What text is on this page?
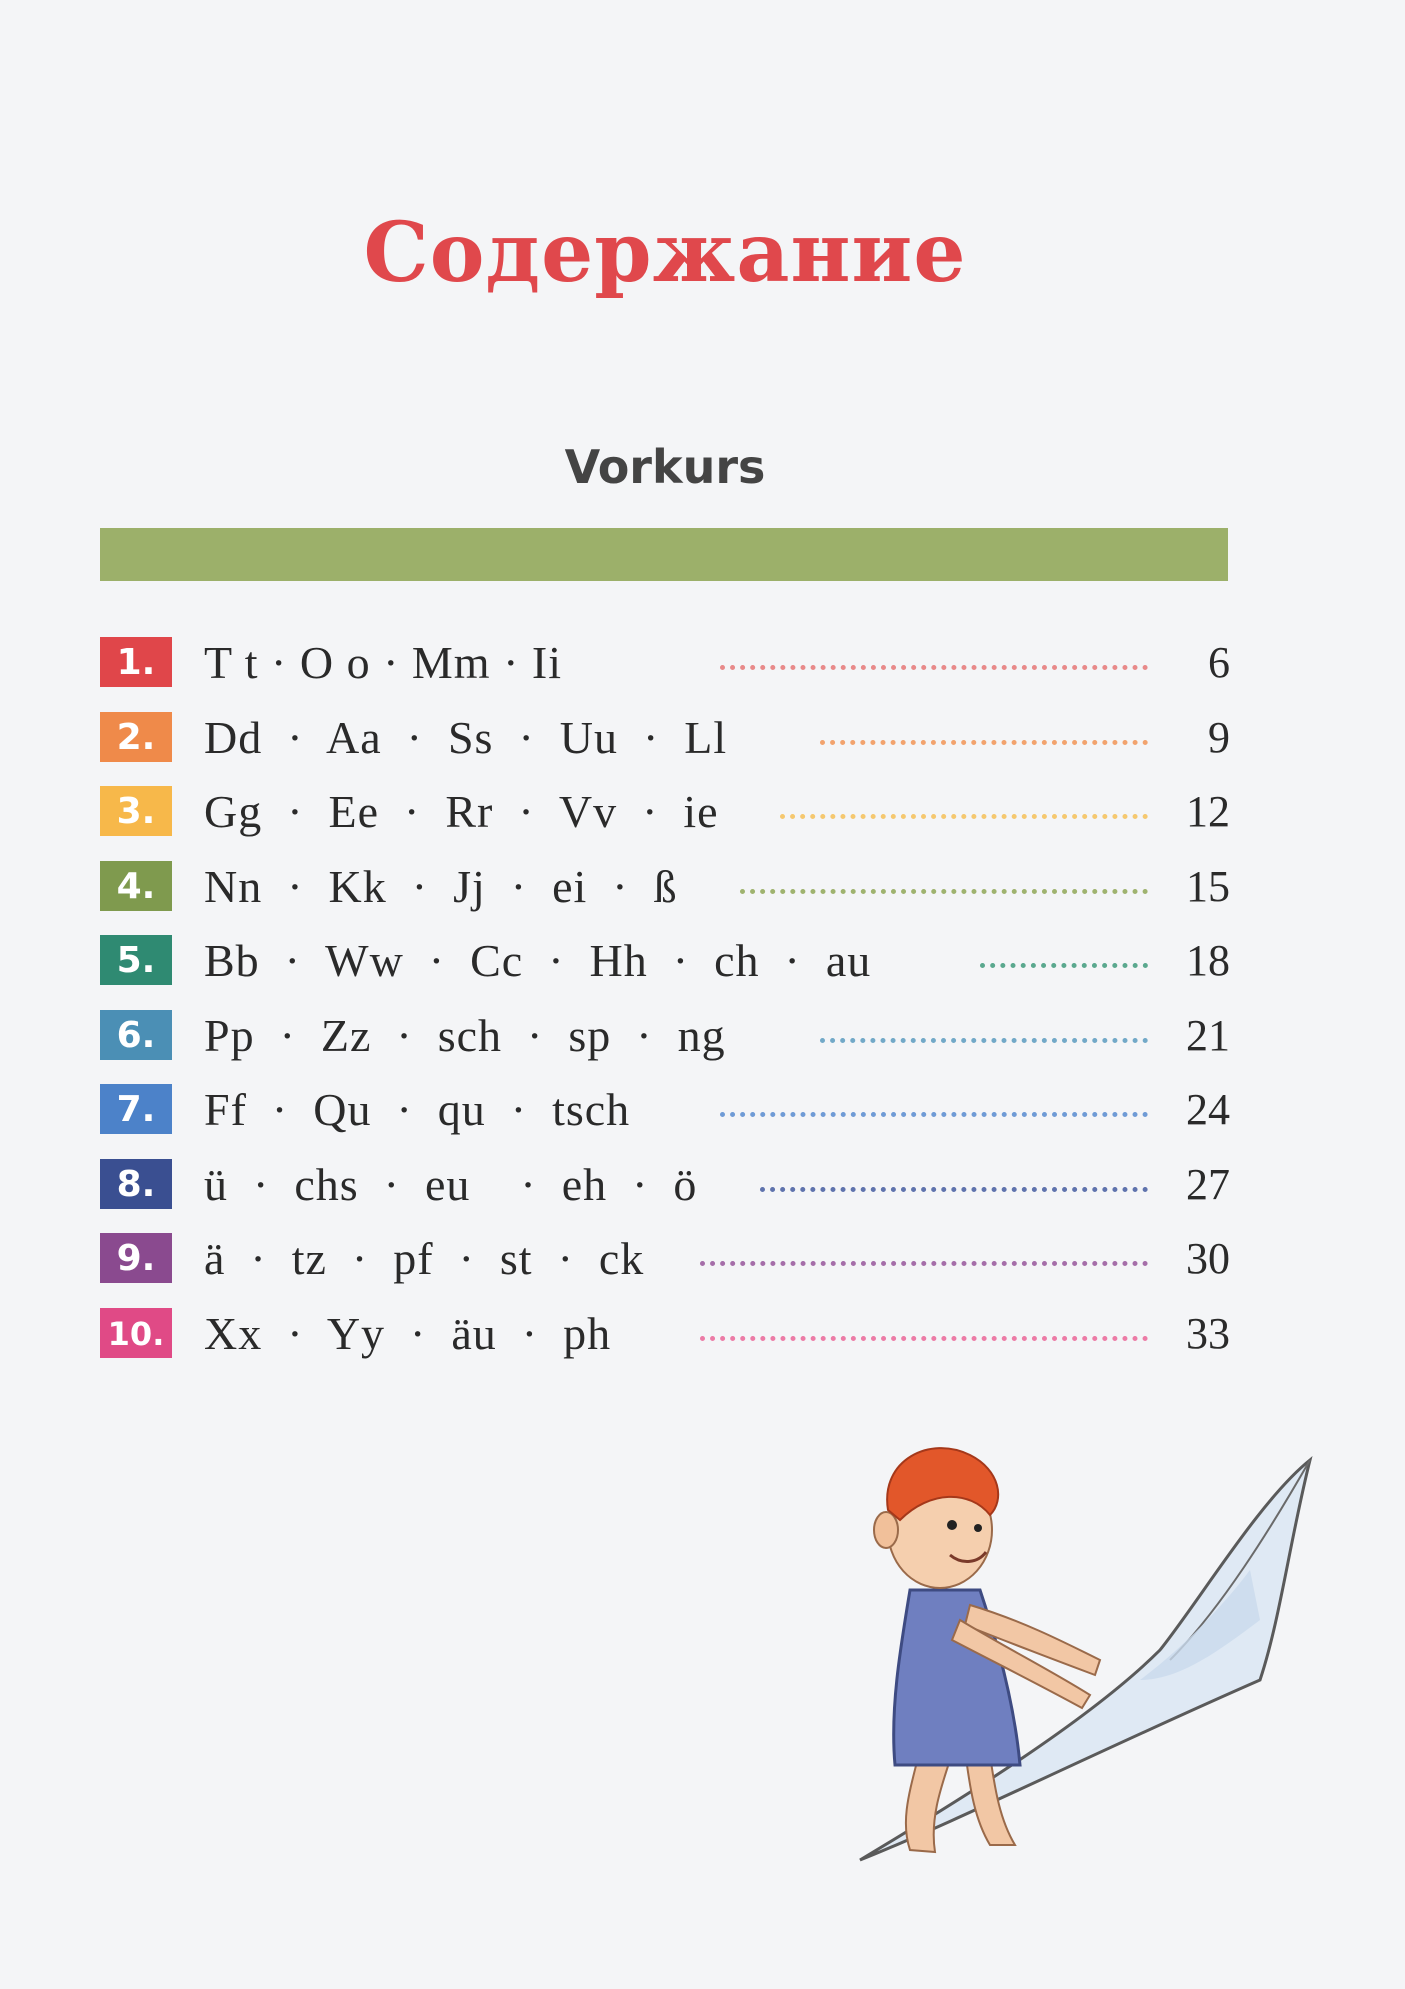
Содержание
Vorkurs
1.	T t · O o · Mm · Ii	6
2.	Dd  ·  Aa  ·  Ss  ·  Uu  ·  Ll	9
3.	Gg  ·  Ee  ·  Rr  ·  Vv  ·  ie	12
4.	Nn  ·  Kk  ·  Jj  ·  ei  ·  ß	15
5.	Bb  ·  Ww  ·  Cc  ·  Hh  ·  ch  ·  au	18
6.	Pp  ·  Zz  ·  sch  ·  sp  ·  ng	21
7.	Ff  ·  Qu  ·  qu  ·  tsch	24
8.	ü  ·  chs  ·  eu    ·  eh  ·  ö	27
9.	ä  ·  tz  ·  pf  ·  st  ·  ck	30
10. Xx  ·  Yy  ·  äu  ·  ph	33
